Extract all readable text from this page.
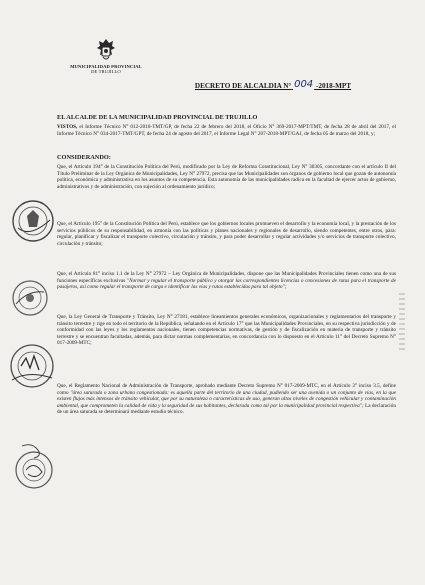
MUNICIPALIDAD PROVINCIAL
DE TRUJILLO
DECRETO DE ALCALDIA N° 004 -2018-MPT
EL ALCALDE DE LA MUNICIPALIDAD PROVINCIAL DE TRUJILLO

VISTOS, el Informe Técnico N° 012-2018-TMT/GP, de fecha 22 de febrero del 2018, el Oficio N° 369-2017-MPT/TMT, de fecha 28 de abril del 2017, el Informe Técnico N° 034-2017-TMT/GPT, de fecha 24 de agosto del 2017, el Informe Legal N° 207-2018-MPT/GAJ, de fecha 05 de marzo del 2018, y;

CONSIDERANDO:

Que, el Artículo 194° de la Constitución Política del Perú, modificado por la Ley de Reforma Constitucional, Ley N° 30305, concordante con el artículo II del Título Preliminar de la Ley Orgánica de Municipalidades, Ley N° 27972, precisa que las Municipalidades son órganos de gobierno local que gozan de autonomía política, económica y administrativa en los asuntos de su competencia. Esta autonomía de las municipalidades radica en la facultad de ejercer actos de gobierno, administrativos y de administración, con sujeción al ordenamiento jurídico;

Que, el Artículo 195° de la Constitución Política del Perú, establece que los gobiernos locales promueven el desarrollo y la economía local, y la prestación de los servicios públicos de su responsabilidad, en armonía con las políticas y planes nacionales y regionales de desarrollo, siendo competentes, entre otros, para: regular, planificar y fiscalizar el transporte colectivo, circulación y tránsito, y para poder desarrollar y regular actividades y/o servicios de transporte colectivo, circulación y tránsito;

Que, el Artículo 81° inciso 1.1 de la Ley N° 27972 – Ley Orgánica de Municipalidades, dispone que las Municipalidades Provinciales tienen como una de sus funciones específicas exclusivas "Normar y regular el transporte público y otorgar las correspondientes licencias o concesiones de rutas para el transporte de pasajeros, así como regular el transporte de carga e identificar las vías y rutas establecidas para tal objeto";

Que, la Ley General de Transporte y Tránsito, Ley N° 27181, establece lineamientos generales económicos, organizacionales y reglamentarios del transporte y tránsito terrestre y rige en todo el territorio de la República, señalando en el Artículo 17° que las Municipalidades Provinciales, en su respectiva jurisdicción y de conformidad con las leyes y los reglamentos nacionales, tienen competencias normativas, de gestión y de fiscalización en materia de transporte y tránsito terrestre y se encuentran facultadas, además, para dictar normas complementarias, en concordancia con lo dispuesto en el Artículo 11° del Decreto Supremo N° 017-2009-MTC;

Que, el Reglamento Nacional de Administración de Transporte, aprobado mediante Decreto Supremo N° 017-2009-MTC, en el Artículo 3° inciso 3.5, define como "área saturada o zona urbana congestionada: es aquella parte del territorio de una ciudad, pudiendo ser una avenida o un conjunto de vías, en la que existen flujos más intensos de tránsito vehicular, que por su naturaleza o características de uso, generan altos niveles de congestión vehicular y contaminación ambiental, que comprometen la calidad de vida y la seguridad de sus habitantes, declarada como tal por la municipalidad provincial respectiva"; La declaración de un área saturada se determinará mediante estudio técnico.
